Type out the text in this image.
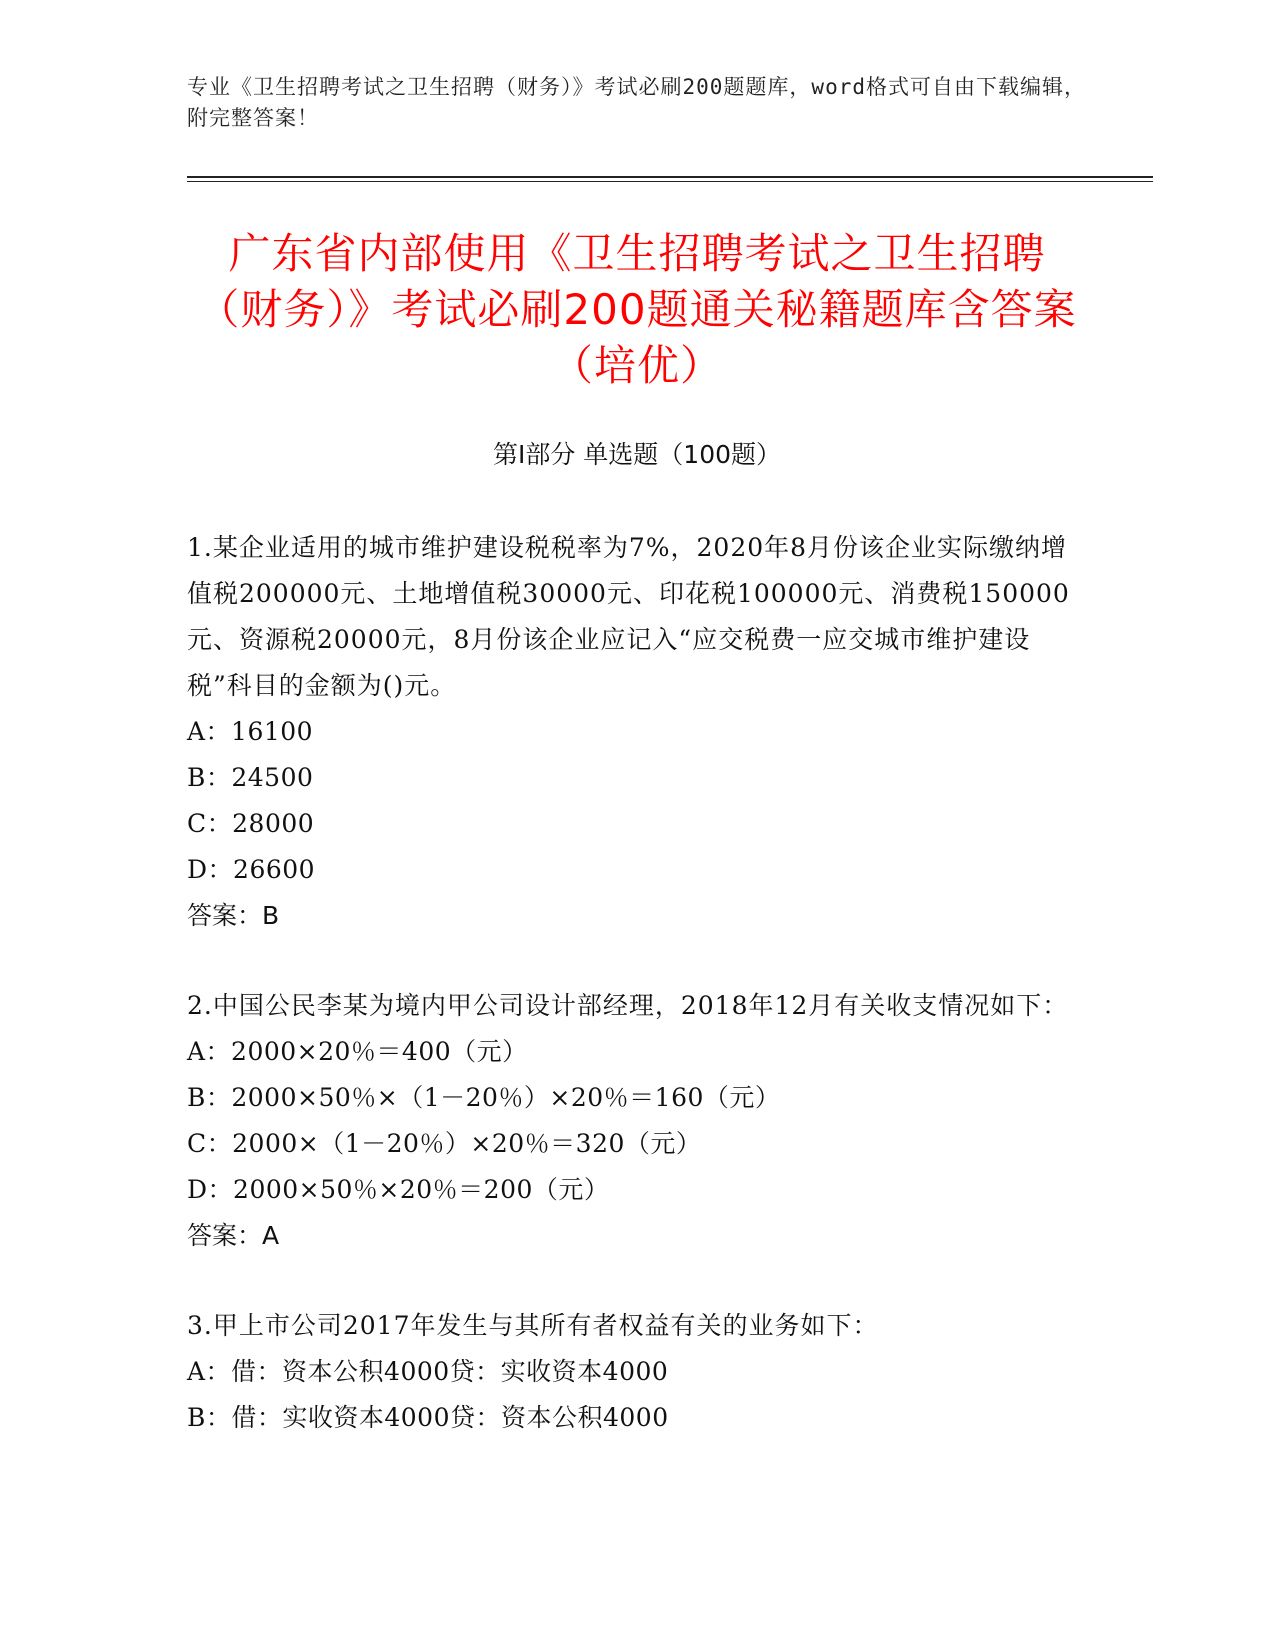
专业《卫生招聘考试之卫生招聘（财务）》考试必刷200题题库，word格式可自由下载编辑，附完整答案！
广东省内部使用《卫生招聘考试之卫生招聘（财务）》考试必刷200题通关秘籍题库含答案（培优）
第I部分 单选题（100题）

1.某企业适用的城市维护建设税税率为7%，2020年8月份该企业实际缴纳增值税200000元、土地增值税30000元、印花税100000元、消费税150000元、资源税20000元，8月份该企业应记入“应交税费一应交城市维护建设税”科目的金额为()元。

A：16100

B：24500

C：28000

D：26600

答案：B

2.中国公民李某为境内甲公司设计部经理，2018年12月有关收支情况如下：

A：2000×20％＝400（元）

B：2000×50％×（1－20％）×20％＝160（元）

C：2000×（1－20％）×20％＝320（元）

D：2000×50％×20％＝200（元）

答案：A

3.甲上市公司2017年发生与其所有者权益有关的业务如下：

A：借：资本公积4000贷：实收资本4000

B：借：实收资本4000贷：资本公积4000
